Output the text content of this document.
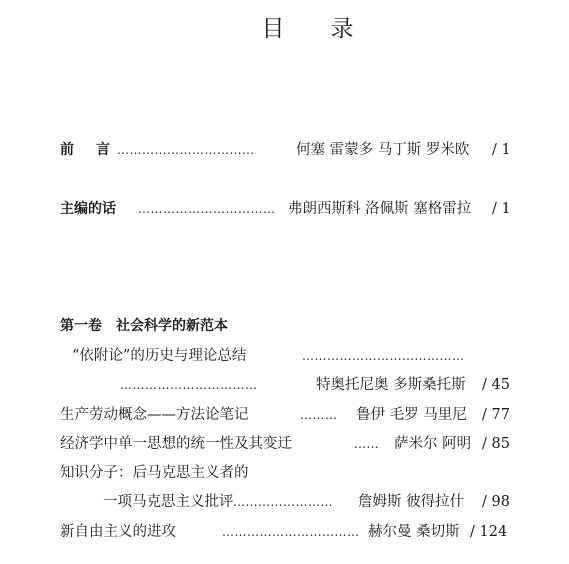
目录
前　言 ……………………………	何塞 雷蒙多 马丁斯 罗米欧 / 1
主编的话 …………………………… 弗朗西斯科 洛佩斯 塞格雷拉 / 1
第一卷　社会科学的新范本
“依附论”的历史与理论总结	…………………………………
……………………………	特奥托尼奥 多斯桑托斯 / 45
生产劳动概念——方法论笔记	……… 鲁伊 毛罗 马里尼 / 77
经济学中单一思想的统一性及其变迁	…… 萨米尔 阿明 / 85
知识分子：后马克思主义者的
一项马克思主义批评 …………………… 詹姆斯 彼得拉什 / 98
新自由主义的进攻	…………………………… 赫尔曼 桑切斯 / 124
